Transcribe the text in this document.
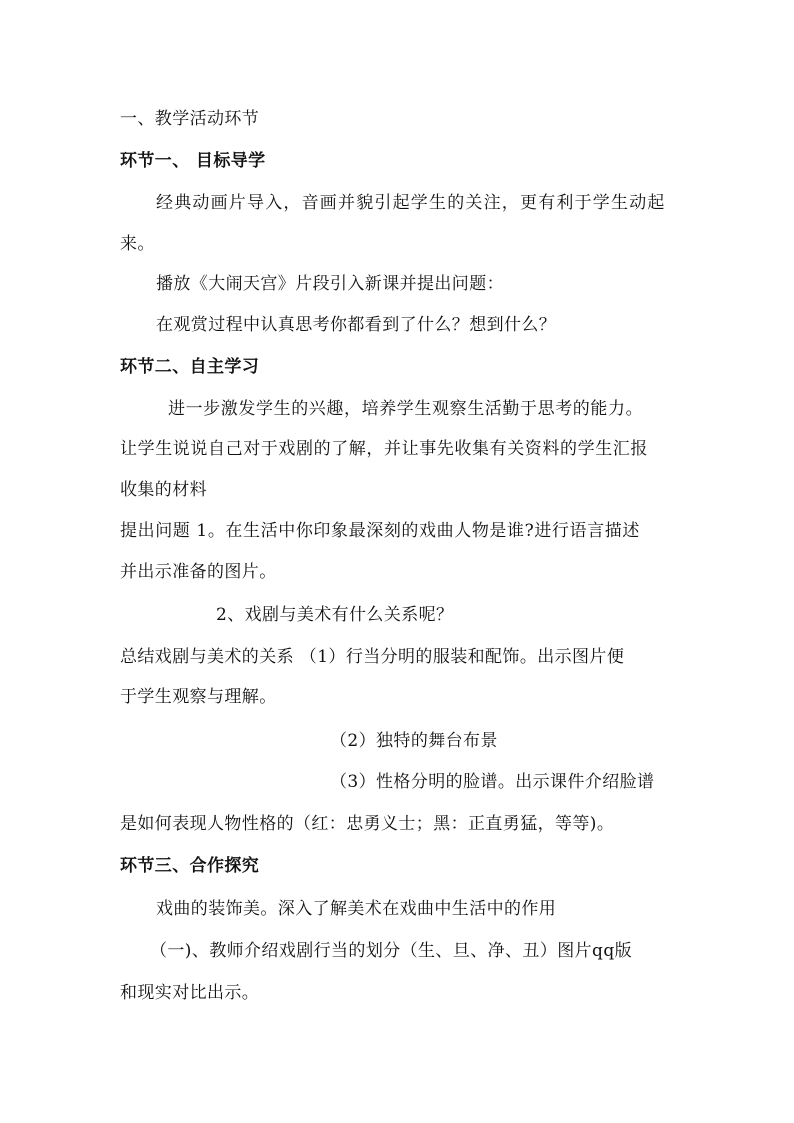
一、教学活动环节
环节一、 目标导学
经典动画片导入，音画并貌引起学生的关注，更有利于学生动起
来。
播放《大闹天宫》片段引入新课并提出问题：
在观赏过程中认真思考你都看到了什么？想到什么？
环节二、自主学习
进一步激发学生的兴趣，培养学生观察生活勤于思考的能力。
让学生说说自己对于戏剧的了解，并让事先收集有关资料的学生汇报
收集的材料
提出问题 1。在生活中你印象最深刻的戏曲人物是谁?进行语言描述
并出示准备的图片。
2、戏剧与美术有什么关系呢？
总结戏剧与美术的关系 （1）行当分明的服装和配饰。出示图片便
于学生观察与理解。
（2）独特的舞台布景
（3）性格分明的脸谱。出示课件介绍脸谱
是如何表现人物性格的（红：忠勇义士；黑：正直勇猛，等等)。
环节三、合作探究
戏曲的装饰美。深入了解美术在戏曲中生活中的作用
（一)、教师介绍戏剧行当的划分（生、旦、净、丑）图片qq版
和现实对比出示。
